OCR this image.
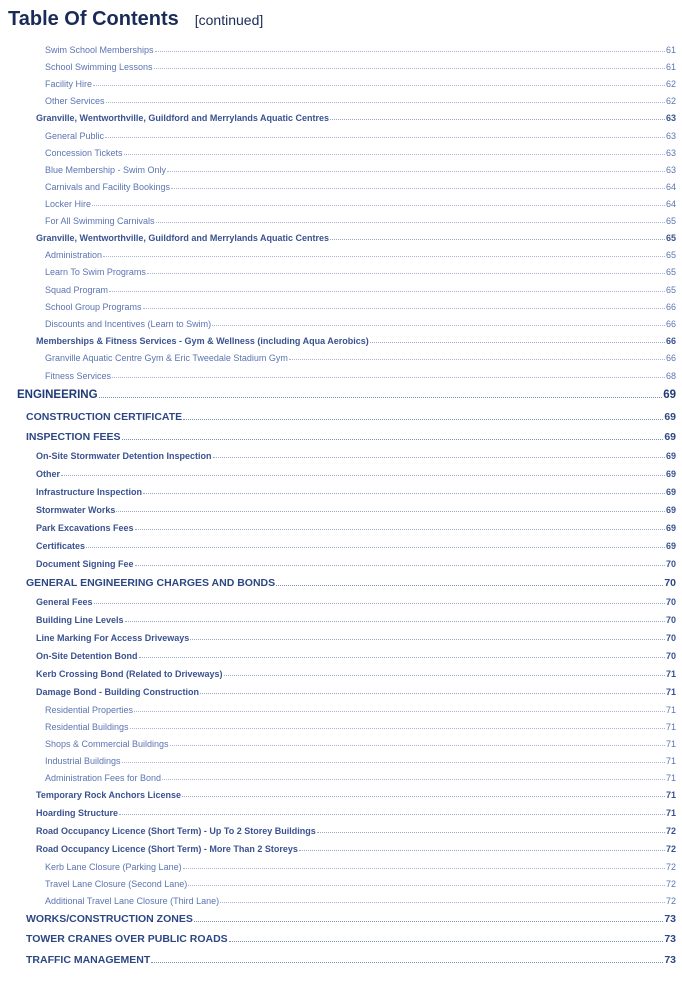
Table Of Contents [continued]
Swim School Memberships	61
School Swimming Lessons	61
Facility Hire	62
Other Services	62
Granville, Wentworthville, Guildford and Merrylands Aquatic Centres	63
General Public	63
Concession Tickets	63
Blue Membership - Swim Only	63
Carnivals and Facility Bookings	64
Locker Hire	64
For All Swimming Carnivals	65
Granville, Wentworthville, Guildford and Merrylands Aquatic Centres	65
Administration	65
Learn To Swim Programs	65
Squad Program	65
School Group Programs	66
Discounts and Incentives (Learn to Swim)	66
Memberships & Fitness Services - Gym & Wellness (including Aqua Aerobics)	66
Granville Aquatic Centre Gym & Eric Tweedale Stadium Gym	66
Fitness Services	68
ENGINEERING	69
CONSTRUCTION CERTIFICATE	69
INSPECTION FEES	69
On-Site Stormwater Detention Inspection	69
Other	69
Infrastructure Inspection	69
Stormwater Works	69
Park Excavations Fees	69
Certificates	69
Document Signing Fee	70
GENERAL ENGINEERING CHARGES AND BONDS	70
General Fees	70
Building Line Levels	70
Line Marking For Access Driveways	70
On-Site Detention Bond	70
Kerb Crossing Bond (Related to Driveways)	71
Damage Bond - Building Construction	71
Residential Properties	71
Residential Buildings	71
Shops & Commercial Buildings	71
Industrial Buildings	71
Administration Fees for Bond	71
Temporary Rock Anchors License	71
Hoarding Structure	71
Road Occupancy Licence (Short Term) - Up To 2 Storey Buildings	72
Road Occupancy Licence (Short Term) - More Than 2 Storeys	72
Kerb Lane Closure (Parking Lane)	72
Travel Lane Closure (Second Lane)	72
Additional Travel Lane Closure (Third Lane)	72
WORKS/CONSTRUCTION ZONES	73
TOWER CRANES OVER PUBLIC ROADS	73
TRAFFIC MANAGEMENT	73
